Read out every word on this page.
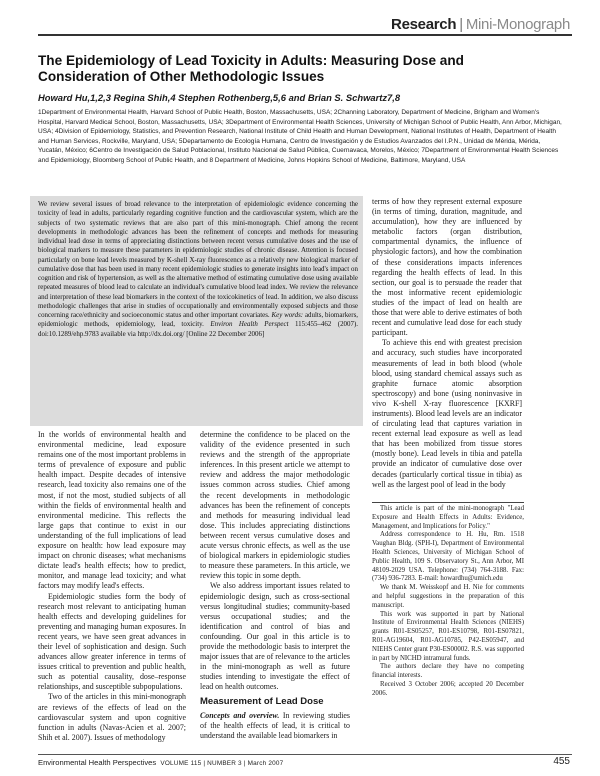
Research | Mini-Monograph
The Epidemiology of Lead Toxicity in Adults: Measuring Dose and Consideration of Other Methodologic Issues
Howard Hu,1,2,3 Regina Shih,4 Stephen Rothenberg,5,6 and Brian S. Schwartz7,8
1Department of Environmental Health, Harvard School of Public Health, Boston, Massachusetts, USA; 2Channing Laboratory, Department of Medicine, Brigham and Women's Hospital, Harvard Medical School, Boston, Massachusetts, USA; 3Department of Environmental Health Sciences, University of Michigan School of Public Health, Ann Arbor, Michigan, USA; 4Division of Epidemiology, Statistics, and Prevention Research, National Institute of Child Health and Human Development, National Institutes of Health, Department of Health and Human Services, Rockville, Maryland, USA; 5Departamento de Ecología Humana, Centro de Investigación y de Estudios Avanzados del I.P.N., Unidad de Mérida, Mérida, Yucatán, México; 6Centro de Investigación de Salud Poblacional, Instituto Nacional de Salud Pública, Cuernavaca, Morelos, México; 7Department of Environmental Health Sciences and Epidemiology, Bloomberg School of Public Health, and 8 Department of Medicine, Johns Hopkins School of Medicine, Baltimore, Maryland, USA
We review several issues of broad relevance to the interpretation of epidemiologic evidence concerning the toxicity of lead in adults, particularly regarding cognitive function and the cardiovascular system, which are the subjects of two systematic reviews that are also part of this mini-monograph. Chief among the recent developments in methodologic advances has been the refinement of concepts and methods for measuring individual lead dose in terms of appreciating distinctions between recent versus cumulative doses and the use of biological markers to measure these parameters in epidemiologic studies of chronic disease. Attention is focused particularly on bone lead levels measured by K-shell X-ray fluorescence as a relatively new biological marker of cumulative dose that has been used in many recent epidemiologic studies to generate insights into lead's impact on cognition and risk of hypertension, as well as the alternative method of estimating cumulative dose using available repeated measures of blood lead to calculate an individual's cumulative blood lead index. We review the relevance and interpretation of these lead biomarkers in the context of the toxicokinetics of lead. In addition, we also discuss methodologic challenges that arise in studies of occupationally and environmentally exposed subjects and those concerning race/ethnicity and socioeconomic status and other important covariates. Key words: adults, biomarkers, epidemiologic methods, epidemiology, lead, toxicity. Environ Health Perspect 115:455–462 (2007). doi:10.1289/ehp.9783 available via http://dx.doi.org/ [Online 22 December 2006]

In the worlds of environmental health and environmental medicine, lead exposure remains one of the most important problems in terms of prevalence of exposure and public health impact. Despite decades of intensive research, lead toxicity also remains one of the most, if not the most, studied subjects of all within the fields of environmental health and environmental medicine. This reflects the large gaps that continue to exist in our understanding of the full implications of lead exposure on health: how lead exposure may impact on chronic diseases; what mechanisms dictate lead's health effects; how to predict, monitor, and manage lead toxicity; and what factors may modify lead's effects.

Epidemiologic studies form the body of research most relevant to anticipating human health effects and developing guidelines for preventing and managing human exposures. In recent years, we have seen great advances in their level of sophistication and design. Such advances allow greater inference in terms of issues critical to prevention and public health, such as potential causality, dose–response relationships, and susceptible subpopulations.

Two of the articles in this mini-monograph are reviews of the effects of lead on the cardiovascular system and upon cognitive function in adults (Navas-Acien et al. 2007; Shih et al. 2007). Issues of methodology

determine the confidence to be placed on the validity of the evidence presented in such reviews and the strength of the appropriate inferences. In this present article we attempt to review and address the major methodologic issues common across studies. Chief among the recent developments in methodologic advances has been the refinement of concepts and methods for measuring individual lead dose. This includes appreciating distinctions between recent versus cumulative doses and acute versus chronic effects, as well as the use of biological markers in epidemiologic studies to measure these parameters. In this article, we review this topic in some depth.

We also address important issues related to epidemiologic design, such as cross-sectional versus longitudinal studies; community-based versus occupational studies; and the identification and control of bias and confounding. Our goal in this article is to provide the methodologic basis to interpret the major issues that are of relevance to the articles in the mini-monograph as well as future studies intending to investigate the effect of lead on health outcomes.

Measurement of Lead Dose

Concepts and overview. In reviewing studies of the health effects of lead, it is critical to understand the available lead biomarkers in

terms of how they represent external exposure (in terms of timing, duration, magnitude, and accumulation), how they are influenced by metabolic factors (organ distribution, compartmental dynamics, the influence of physiologic factors), and how the combination of these considerations impacts inferences regarding the health effects of lead. In this section, our goal is to persuade the reader that the most informative recent epidemiologic studies of the impact of lead on health are those that were able to derive estimates of both recent and cumulative lead dose for each study participant.

To achieve this end with greatest precision and accuracy, such studies have incorporated measurements of lead in both blood (whole blood, using standard chemical assays such as graphite furnace atomic absorption spectroscopy) and bone (using noninvasive in vivo K-shell X-ray fluorescence [KXRF] instruments). Blood lead levels are an indicator of circulating lead that captures variation in recent external lead exposure as well as lead that has been mobilized from tissue stores (mostly bone). Lead levels in tibia and patella provide an indicator of cumulative dose over decades (particularly cortical tissue in tibia) as well as the largest pool of lead in the body

This article is part of the mini-monograph "Lead Exposure and Health Effects in Adults: Evidence, Management, and Implications for Policy."

Address correspondence to H. Hu, Rm. 1518 Vaughan Bldg. (SPH-I), Department of Environmental Health Sciences, University of Michigan School of Public Health, 109 S. Observatory St., Ann Arbor, MI 48109-2029 USA. Telephone: (734) 764-3188. Fax: (734) 936-7283. E-mail: howardhu@umich.edu

We thank M. Weisskopf and H. Nie for comments and helpful suggestions in the preparation of this manuscript.

This work was supported in part by National Institute of Environmental Health Sciences (NIEHS) grants R01-ES05257, R01-ES10798, R01-ES07821, R01-AG19604, R01-AG10785, P42-ES05947, and NIEHS Center grant P30-ES00002. R.S. was supported in part by NICHD intramural funds.

The authors declare they have no competing financial interests.

Received 3 October 2006; accepted 20 December 2006.

Environmental Health Perspectives VOLUME 115 | NUMBER 3 | March 2007	455
